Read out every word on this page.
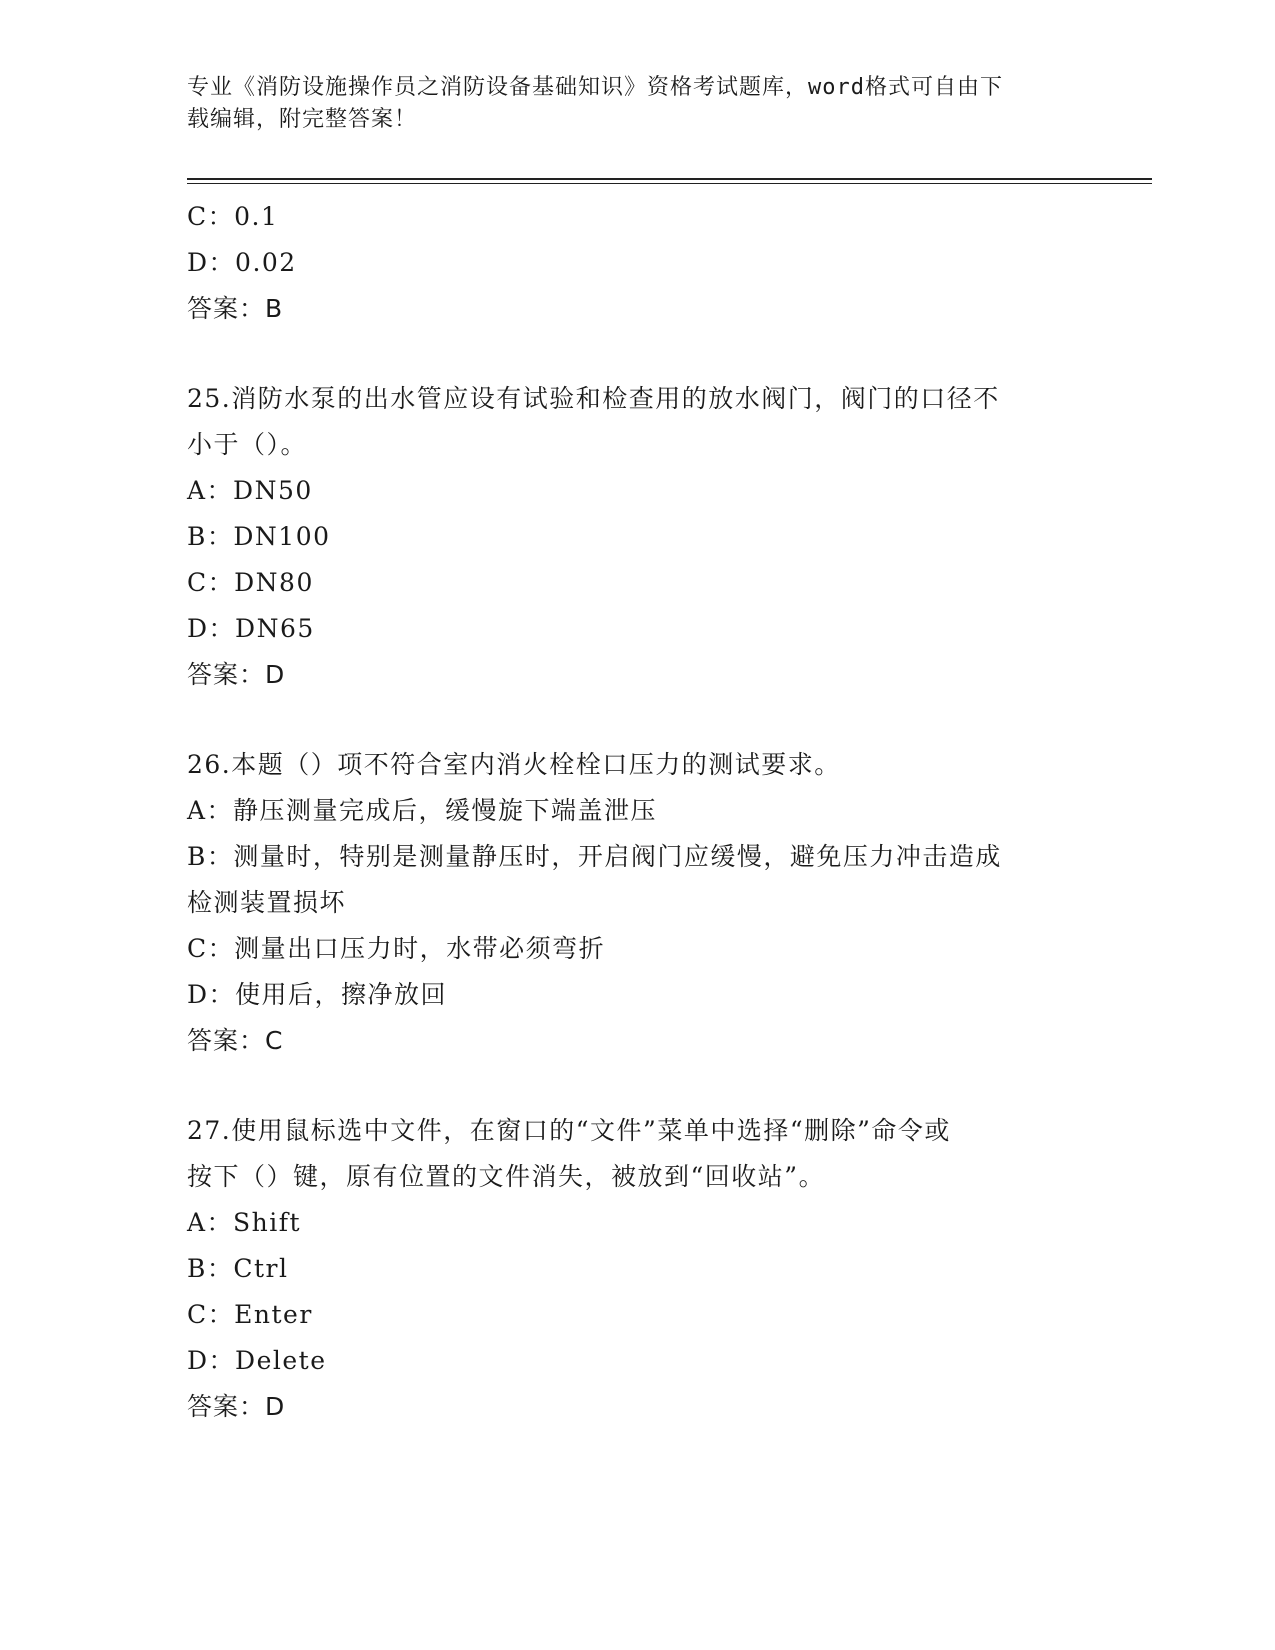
专业《消防设施操作员之消防设备基础知识》资格考试题库，word格式可自由下
载编辑，附完整答案！
C：0.1
D：0.02
答案：B
25.消防水泵的出水管应设有试验和检查用的放水阀门，阀门的口径不
小于（）。
A：DN50
B：DN100
C：DN80
D：DN65
答案：D
26.本题（）项不符合室内消火栓栓口压力的测试要求。
A：静压测量完成后，缓慢旋下端盖泄压
B：测量时，特别是测量静压时，开启阀门应缓慢，避免压力冲击造成
检测装置损坏
C：测量出口压力时，水带必须弯折
D：使用后，擦净放回
答案：C
27.使用鼠标选中文件，在窗口的“文件”菜单中选择“删除”命令或
按下（）键，原有位置的文件消失，被放到“回收站”。
A：Shift
B：Ctrl
C：Enter
D：Delete
答案：D
